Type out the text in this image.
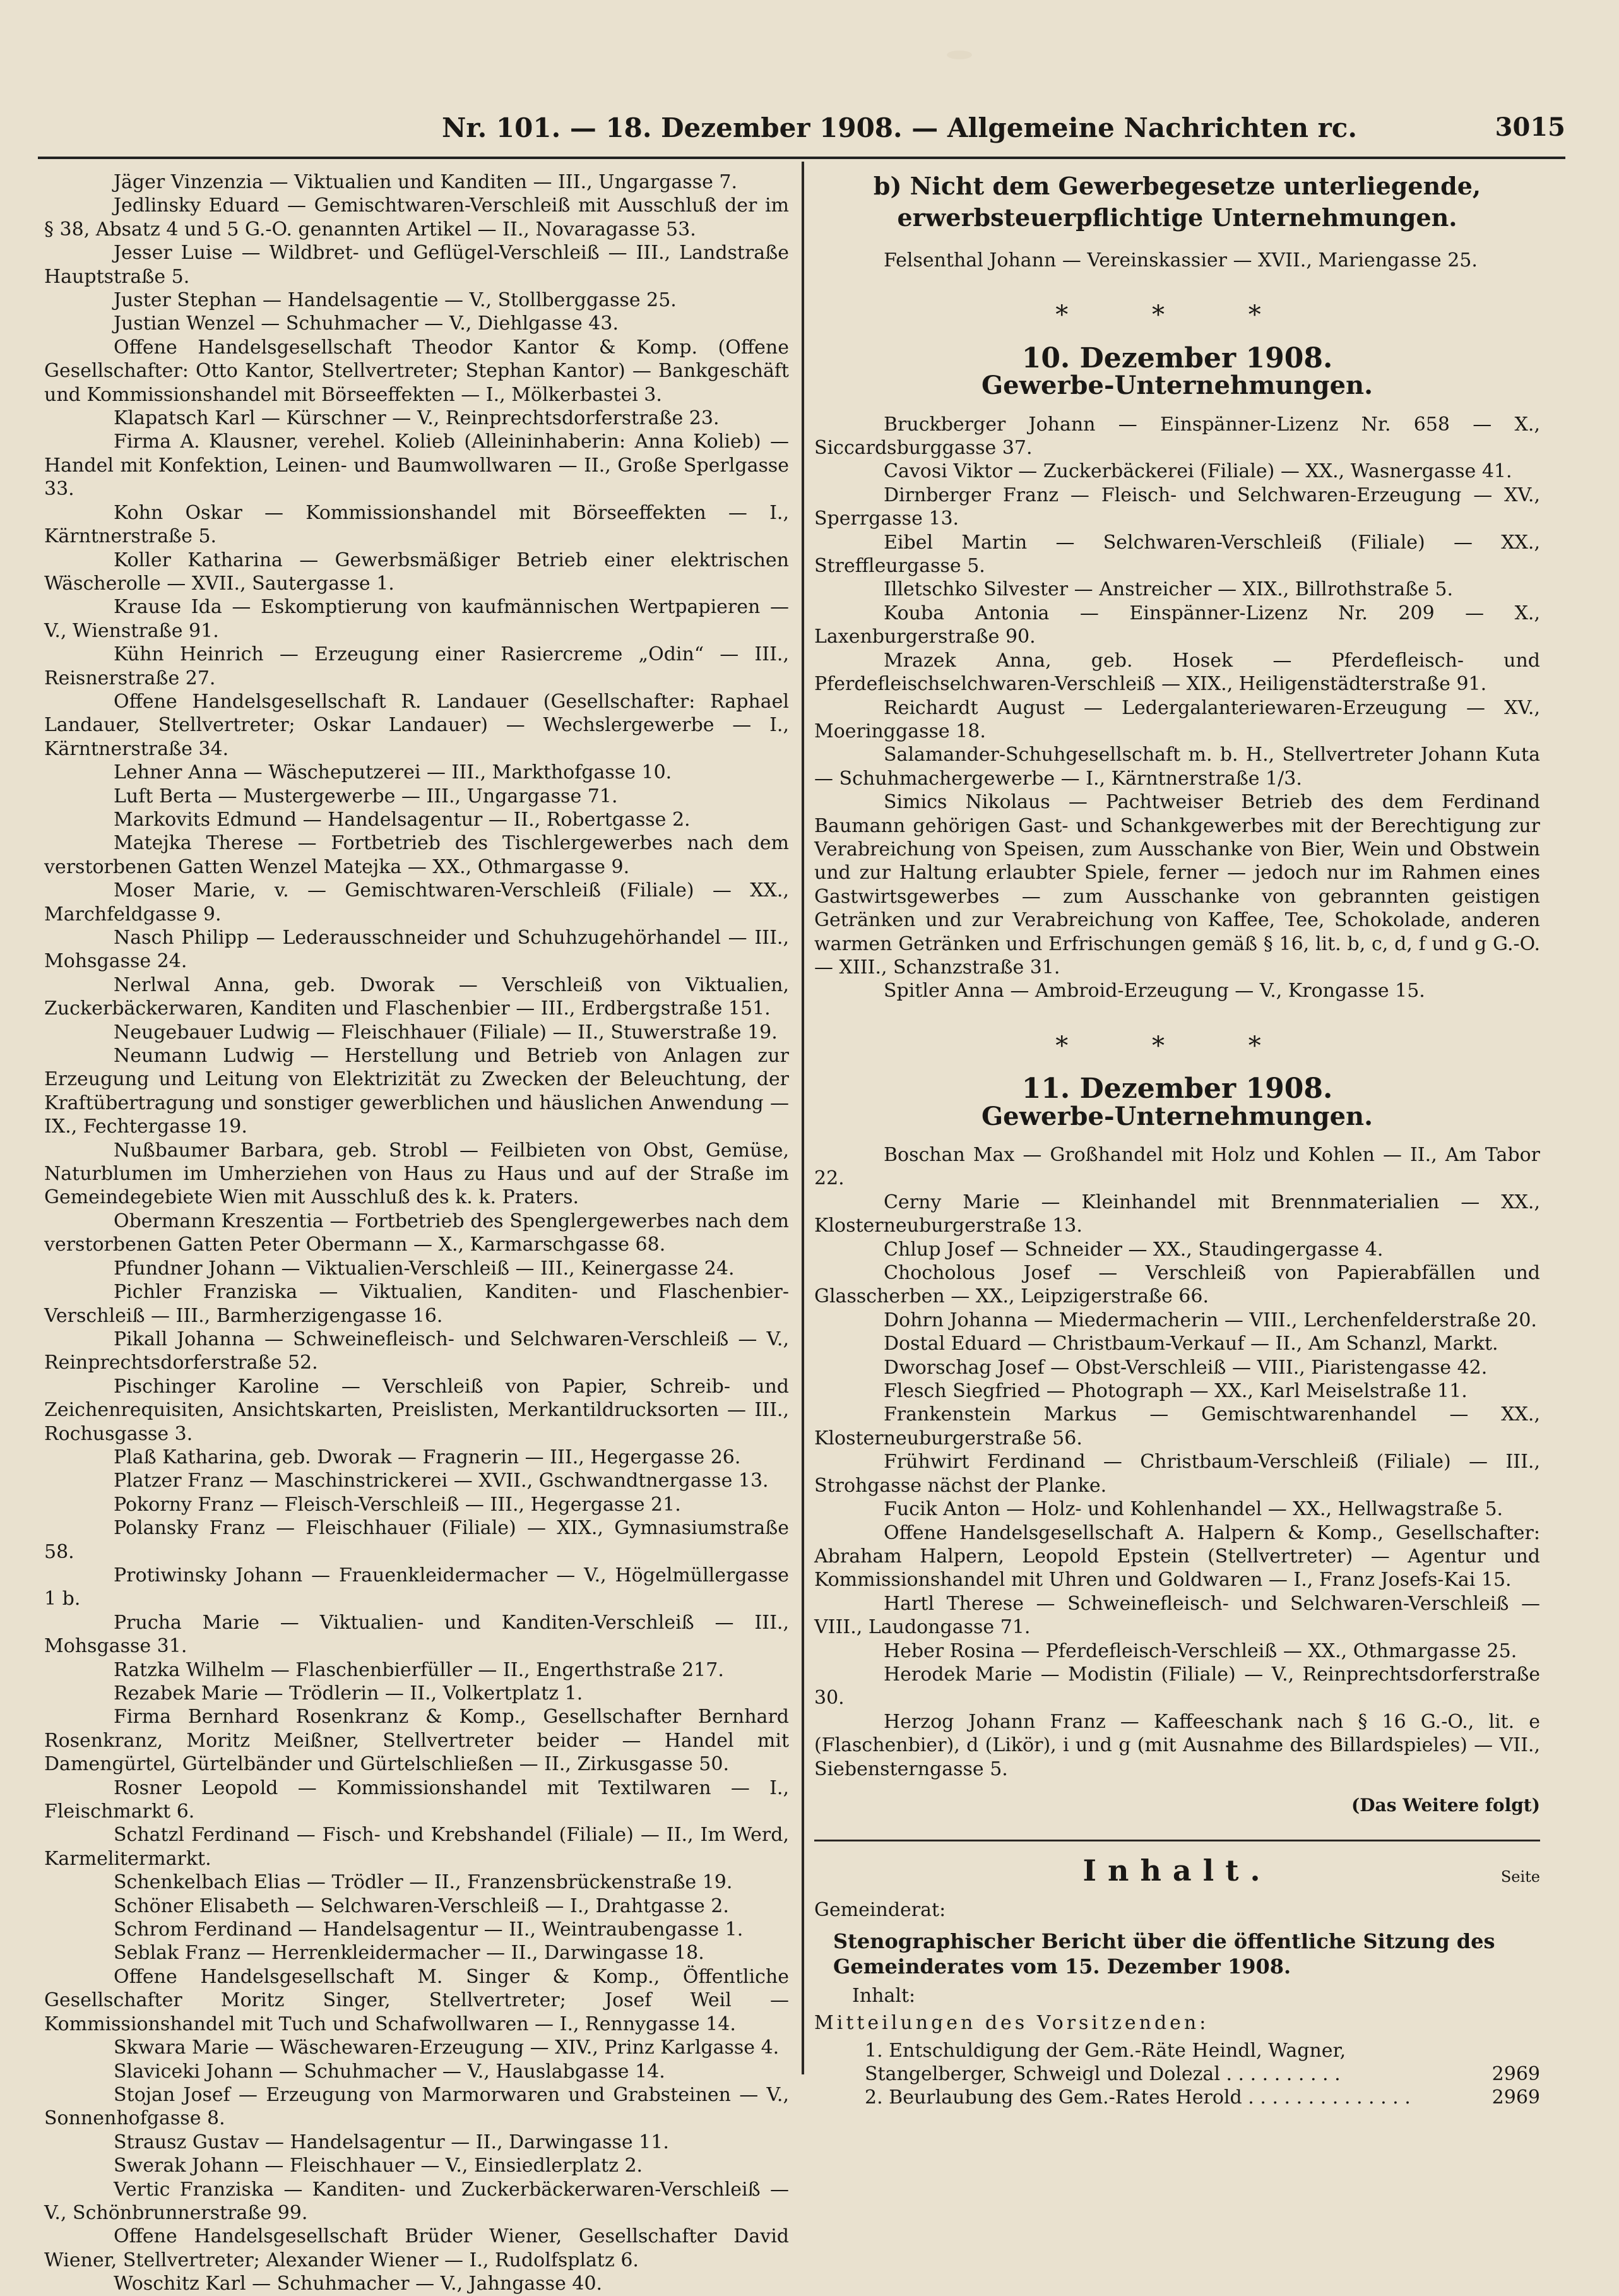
Nr. 101. — 18. Dezember 1908. — Allgemeine Nachrichten rc.	3015

Jäger Vinzenzia — Viktualien und Kanditen — III., Ungargasse 7.

Jedlinsky Eduard — Gemischtwaren-Verschleiß mit Ausschluß der im § 38, Absatz 4 und 5 G.-O. genannten Artikel — II., Novaragasse 53.

Jesser Luise — Wildbret- und Geflügel-Verschleiß — III., Landstraße Hauptstraße 5.

Juster Stephan — Handelsagentie — V., Stollberggasse 25.

Justian Wenzel — Schuhmacher — V., Diehlgasse 43.

Offene Handelsgesellschaft Theodor Kantor & Komp. (Offene Gesellschafter: Otto Kantor, Stellvertreter; Stephan Kantor) — Bankgeschäft und Kommissionshandel mit Börseeffekten — I., Mölkerbastei 3.

Klapatsch Karl — Kürschner — V., Reinprechtsdorferstraße 23.

Firma A. Klausner, verehel. Kolieb (Alleininhaberin: Anna Kolieb) — Handel mit Konfektion, Leinen- und Baumwollwaren — II., Große Sperlgasse 33.

Kohn Oskar — Kommissionshandel mit Börseeffekten — I., Kärntnerstraße 5.

Koller Katharina — Gewerbsmäßiger Betrieb einer elektrischen Wäscherolle — XVII., Sautergasse 1.

Krause Ida — Eskomptierung von kaufmännischen Wertpapieren — V., Wienstraße 91.

Kühn Heinrich — Erzeugung einer Rasiercreme „Odin“ — III., Reisnerstraße 27.

Offene Handelsgesellschaft R. Landauer (Gesellschafter: Raphael Landauer, Stellvertreter; Oskar Landauer) — Wechslergewerbe — I., Kärntnerstraße 34.

Lehner Anna — Wäscheputzerei — III., Markthofgasse 10.

Luft Berta — Mustergewerbe — III., Ungargasse 71.

Markovits Edmund — Handelsagentur — II., Robertgasse 2.

Matejka Therese — Fortbetrieb des Tischlergewerbes nach dem verstorbenen Gatten Wenzel Matejka — XX., Othmargasse 9.

Moser Marie, v. — Gemischtwaren-Verschleiß (Filiale) — XX., Marchfeldgasse 9.

Nasch Philipp — Lederausschneider und Schuhzugehörhandel — III., Mohsgasse 24.

Nerlwal Anna, geb. Dworak — Verschleiß von Viktualien, Zuckerbäckerwaren, Kanditen und Flaschenbier — III., Erdbergstraße 151.

Neugebauer Ludwig — Fleischhauer (Filiale) — II., Stuwerstraße 19.

Neumann Ludwig — Herstellung und Betrieb von Anlagen zur Erzeugung und Leitung von Elektrizität zu Zwecken der Beleuchtung, der Kraftübertragung und sonstiger gewerblichen und häuslichen Anwendung — IX., Fechtergasse 19.

Nußbaumer Barbara, geb. Strobl — Feilbieten von Obst, Gemüse, Naturblumen im Umherziehen von Haus zu Haus und auf der Straße im Gemeindegebiete Wien mit Ausschluß des k. k. Praters.

Obermann Kreszentia — Fortbetrieb des Spenglergewerbes nach dem verstorbenen Gatten Peter Obermann — X., Karmarschgasse 68.

Pfundner Johann — Viktualien-Verschleiß — III., Keinergasse 24.

Pichler Franziska — Viktualien, Kanditen- und Flaschenbier-Verschleiß — III., Barmherzigengasse 16.

Pikall Johanna — Schweinefleisch- und Selchwaren-Verschleiß — V., Reinprechtsdorferstraße 52.

Pischinger Karoline — Verschleiß von Papier, Schreib- und Zeichenrequisiten, Ansichtskarten, Preislisten, Merkantildrucksorten — III., Rochusgasse 3.

Plaß Katharina, geb. Dworak — Fragnerin — III., Hegergasse 26.

Platzer Franz — Maschinstrickerei — XVII., Gschwandtnergasse 13.

Pokorny Franz — Fleisch-Verschleiß — III., Hegergasse 21.

Polansky Franz — Fleischhauer (Filiale) — XIX., Gymnasiumstraße 58.

Protiwinsky Johann — Frauenkleidermacher — V., Högelmüllergasse 1 b.

Prucha Marie — Viktualien- und Kanditen-Verschleiß — III., Mohsgasse 31.

Ratzka Wilhelm — Flaschenbierfüller — II., Engerthstraße 217.

Rezabek Marie — Trödlerin — II., Volkertplatz 1.

Firma Bernhard Rosenkranz & Komp., Gesellschafter Bernhard Rosenkranz, Moritz Meißner, Stellvertreter beider — Handel mit Damengürtel, Gürtelbänder und Gürtelschließen — II., Zirkusgasse 50.

Rosner Leopold — Kommissionshandel mit Textilwaren — I., Fleischmarkt 6.

Schatzl Ferdinand — Fisch- und Krebshandel (Filiale) — II., Im Werd, Karmelitermarkt.

Schenkelbach Elias — Trödler — II., Franzensbrückenstraße 19.

Schöner Elisabeth — Selchwaren-Verschleiß — I., Drahtgasse 2.

Schrom Ferdinand — Handelsagentur — II., Weintraubengasse 1.

Seblak Franz — Herrenkleidermacher — II., Darwingasse 18.

Offene Handelsgesellschaft M. Singer & Komp., Öffentliche Gesellschafter Moritz Singer, Stellvertreter; Josef Weil — Kommissionshandel mit Tuch und Schafwollwaren — I., Rennygasse 14.

Skwara Marie — Wäschewaren-Erzeugung — XIV., Prinz Karlgasse 4.

Slaviceki Johann — Schuhmacher — V., Hauslabgasse 14.

Stojan Josef — Erzeugung von Marmorwaren und Grabsteinen — V., Sonnenhofgasse 8.

Strausz Gustav — Handelsagentur — II., Darwingasse 11.

Swerak Johann — Fleischhauer — V., Einsiedlerplatz 2.

Vertic Franziska — Kanditen- und Zuckerbäckerwaren-Verschleiß — V., Schönbrunnerstraße 99.

Offene Handelsgesellschaft Brüder Wiener, Gesellschafter David Wiener, Stellvertreter; Alexander Wiener — I., Rudolfsplatz 6.

Woschitz Karl — Schuhmacher — V., Jahngasse 40.

b) Nicht dem Gewerbegesetze unterliegende, erwerbsteuerpflichtige Unternehmungen.

Felsenthal Johann — Vereinskassier — XVII., Mariengasse 25.

* * *
10. Dezember 1908.
Gewerbe-Unternehmungen.

Bruckberger Johann — Einspänner-Lizenz Nr. 658 — X., Siccardsburggasse 37.

Cavosi Viktor — Zuckerbäckerei (Filiale) — XX., Wasnergasse 41.

Dirnberger Franz — Fleisch- und Selchwaren-Erzeugung — XV., Sperrgasse 13.

Eibel Martin — Selchwaren-Verschleiß (Filiale) — XX., Streffleurgasse 5.

Illetschko Silvester — Anstreicher — XIX., Billrothstraße 5.

Kouba Antonia — Einspänner-Lizenz Nr. 209 — X., Laxenburgerstraße 90.

Mrazek Anna, geb. Hosek — Pferdefleisch- und Pferdefleischselchwaren-Verschleiß — XIX., Heiligenstädterstraße 91.

Reichardt August — Ledergalanteriewaren-Erzeugung — XV., Moeringgasse 18.

Salamander-Schuhgesellschaft m. b. H., Stellvertreter Johann Kuta — Schuhmachergewerbe — I., Kärntnerstraße 1/3.

Simics Nikolaus — Pachtweiser Betrieb des dem Ferdinand Baumann gehörigen Gast- und Schankgewerbes mit der Berechtigung zur Verabreichung von Speisen, zum Ausschanke von Bier, Wein und Obstwein und zur Haltung erlaubter Spiele, ferner — jedoch nur im Rahmen eines Gastwirtsgewerbes — zum Ausschanke von gebrannten geistigen Getränken und zur Verabreichung von Kaffee, Tee, Schokolade, anderen warmen Getränken und Erfrischungen gemäß § 16, lit. b, c, d, f und g G.-O. — XIII., Schanzstraße 31.

Spitler Anna — Ambroid-Erzeugung — V., Krongasse 15.

* * *
11. Dezember 1908.
Gewerbe-Unternehmungen.

Boschan Max — Großhandel mit Holz und Kohlen — II., Am Tabor 22.

Cerny Marie — Kleinhandel mit Brennmaterialien — XX., Klosterneuburgerstraße 13.

Chlup Josef — Schneider — XX., Staudingergasse 4.

Chocholous Josef — Verschleiß von Papierabfällen und Glasscherben — XX., Leipzigerstraße 66.

Dohrn Johanna — Miedermacherin — VIII., Lerchenfelderstraße 20.

Dostal Eduard — Christbaum-Verkauf — II., Am Schanzl, Markt.

Dworschag Josef — Obst-Verschleiß — VIII., Piaristengasse 42.

Flesch Siegfried — Photograph — XX., Karl Meiselstraße 11.

Frankenstein Markus — Gemischtwarenhandel — XX., Klosterneuburgerstraße 56.

Frühwirt Ferdinand — Christbaum-Verschleiß (Filiale) — III., Strohgasse nächst der Planke.

Fucik Anton — Holz- und Kohlenhandel — XX., Hellwagstraße 5.

Offene Handelsgesellschaft A. Halpern & Komp., Gesellschafter: Abraham Halpern, Leopold Epstein (Stellvertreter) — Agentur und Kommissionshandel mit Uhren und Goldwaren — I., Franz Josefs-Kai 15.

Hartl Therese — Schweinefleisch- und Selchwaren-Verschleiß — VIII., Laudongasse 71.

Heber Rosina — Pferdefleisch-Verschleiß — XX., Othmargasse 25.

Herodek Marie — Modistin (Filiale) — V., Reinprechtsdorferstraße 30.

Herzog Johann Franz — Kaffeeschank nach § 16 G.-O., lit. e (Flaschenbier), d (Likör), i und g (mit Ausnahme des Billardspieles) — VII., Siebensterngasse 5.

(Das Weitere folgt)
Inhalt.	Seite
Gemeinderat:
Stenographischer Bericht über die öffentliche Sitzung des Gemeinderates vom 15. Dezember 1908.
Inhalt:
Mitteilungen des Vorsitzenden:
1. Entschuldigung der Gem.-Räte Heindl, Wagner, Stangelberger, Schweigl und Dolezal . . . . . . . . . .	2969
2. Beurlaubung des Gem.-Rates Herold . . . . . . . . . . . . . .	2969
